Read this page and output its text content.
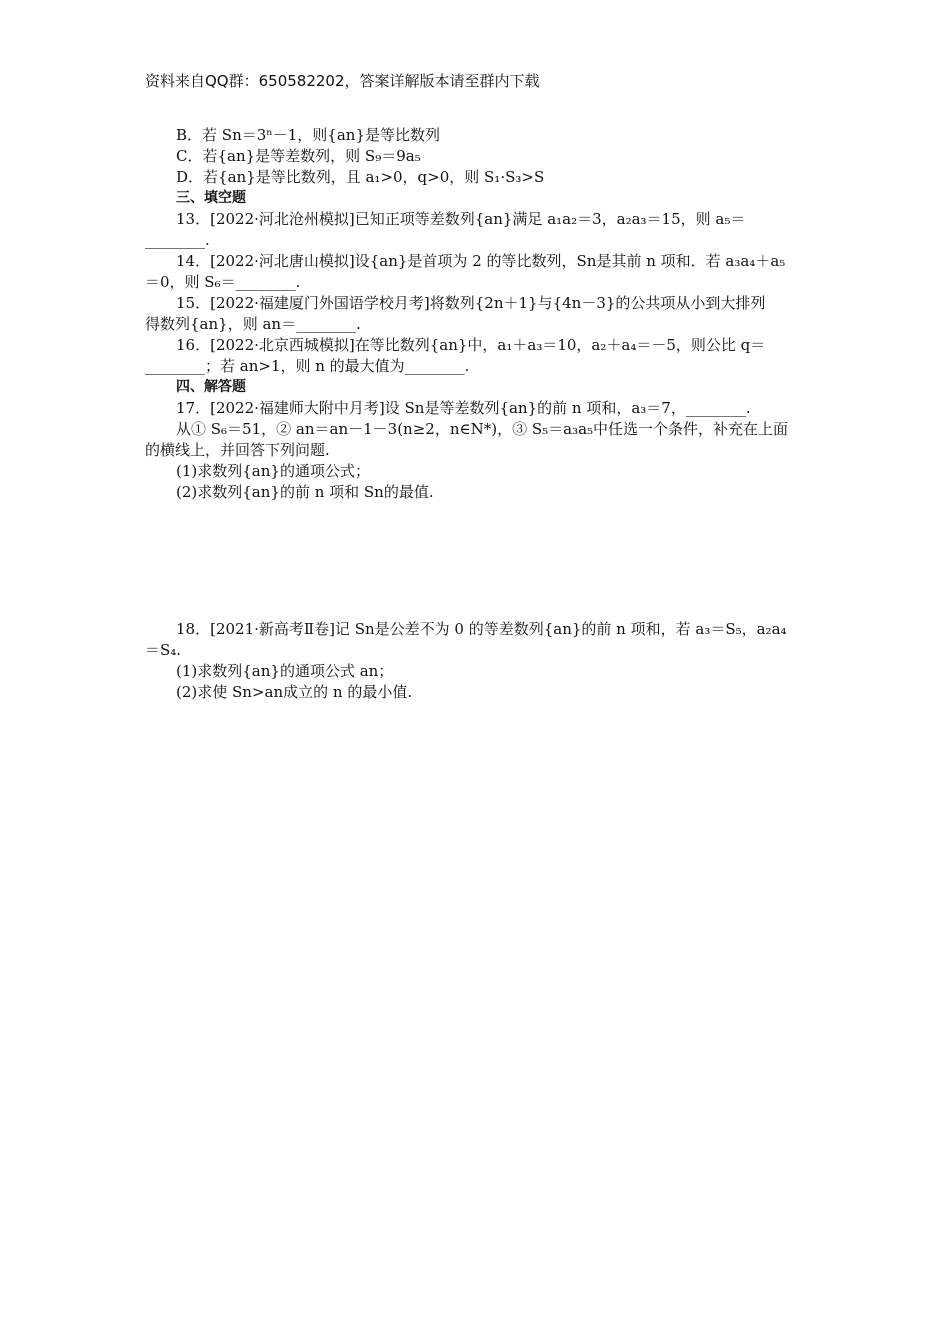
资料来自QQ群：650582202，答案详解版本请至群内下载
B．若 Sn＝3ⁿ－1，则{an}是等比数列
C．若{an}是等差数列，则 S₉＝9a₅
D．若{an}是等比数列，且 a₁>0，q>0，则 S₁·S₃>S
三、填空题
13．[2022·河北沧州模拟]已知正项等差数列{an}满足 a₁a₂＝3，a₂a₃＝15，则 a₅＝
________.
14．[2022·河北唐山模拟]设{an}是首项为 2 的等比数列，Sn是其前 n 项和．若 a₃a₄＋a₅
＝0，则 S₆＝________.
15．[2022·福建厦门外国语学校月考]将数列{2n＋1}与{4n－3}的公共项从小到大排列
得数列{an}，则 an＝________.
16．[2022·北京西城模拟]在等比数列{an}中，a₁＋a₃＝10，a₂＋a₄＝－5，则公比 q＝
________；若 an>1，则 n 的最大值为________.
四、解答题
17．[2022·福建师大附中月考]设 Sn是等差数列{an}的前 n 项和，a₃＝7，________.
从① S₆＝51，② an＝an－1－3(n≥2，n∈N*)，③ S₅＝a₃a₅中任选一个条件，补充在上面
的横线上，并回答下列问题.
(1)求数列{an}的通项公式；
(2)求数列{an}的前 n 项和 Sn的最值.
18．[2021·新高考Ⅱ卷]记 Sn是公差不为 0 的等差数列{an}的前 n 项和，若 a₃＝S₅，a₂a₄
＝S₄.
(1)求数列{an}的通项公式 an；
(2)求使 Sn>an成立的 n 的最小值.
